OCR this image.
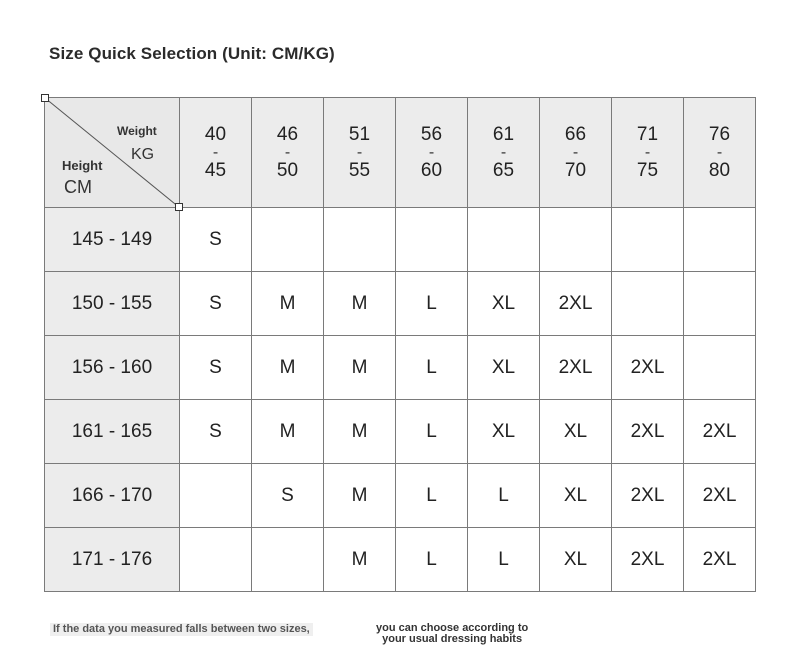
Size Quick Selection (Unit: CM/KG)
Weight
KG
Height
CM	40
-
45	46
-
50	51
-
55	56
-
60	61
-
65	66
-
70	71
-
75	76
-
80

145 - 149	S							
150 - 155	S	M	M	L	XL	2XL		
156 - 160	S	M	M	L	XL	2XL	2XL	
161 - 165	S	M	M	L	XL	XL	2XL	2XL
166 - 170		S	M	L	L	XL	2XL	2XL
171 - 176			M	L	L	XL	2XL	2XL
If the data you measured falls between two sizes,	you can choose according to
your usual dressing habits
